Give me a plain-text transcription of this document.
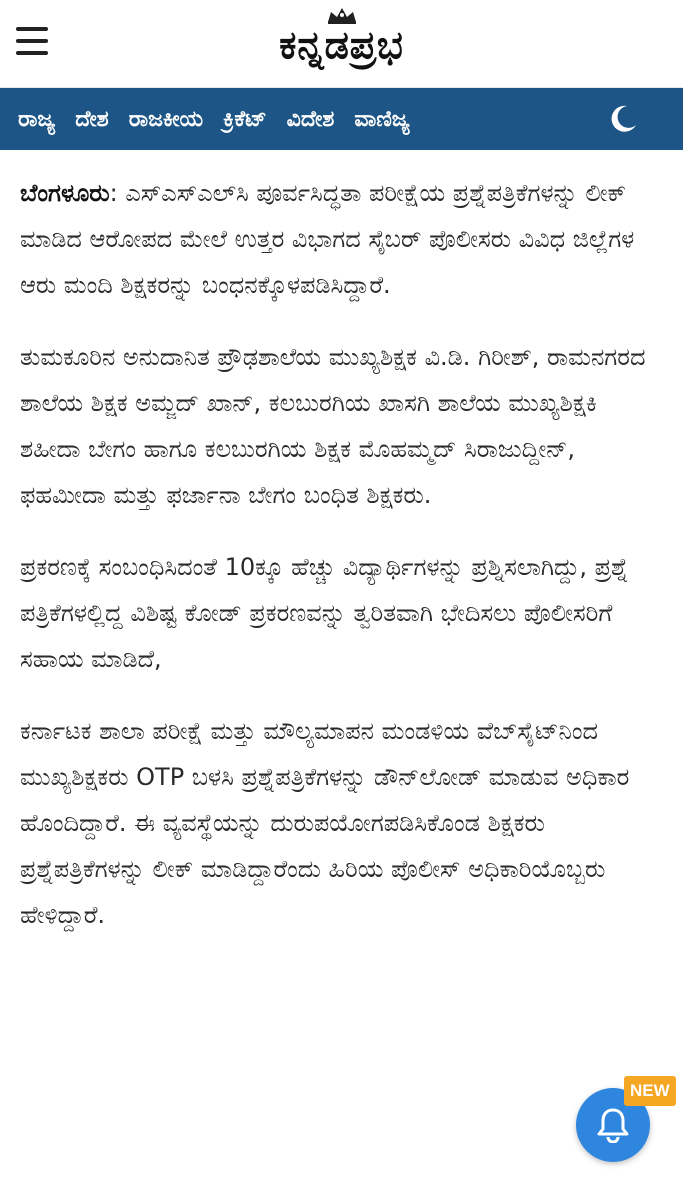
ಕನ್ನಡಪ್ರಭ
ರಾಜ್ಯ ದೇಶ ರಾಜಕೀಯ ಕ್ರಿಕೆಟ್ ವಿದೇಶ ವಾಣಿಜ್ಯ

ಬೆಂಗಳೂರು: ಎಸ್‌ಎಸ್‌ಎಲ್‌ಸಿ ಪೂರ್ವಸಿದ್ಧತಾ ಪರೀಕ್ಷೆಯ ಪ್ರಶ್ನೆಪತ್ರಿಕೆಗಳನ್ನು ಲೀಕ್ ಮಾಡಿದ ಆರೋಪದ ಮೇಲೆ ಉತ್ತರ ವಿಭಾಗದ ಸೈಬರ್ ಪೊಲೀಸರು ವಿವಿಧ ಜಿಲ್ಲೆಗಳ ಆರು ಮಂದಿ ಶಿಕ್ಷಕರನ್ನು ಬಂಧನಕ್ಕೊಳಪಡಿಸಿದ್ದಾರೆ.

ತುಮಕೂರಿನ ಅನುದಾನಿತ ಪ್ರೌಢಶಾಲೆಯ ಮುಖ್ಯಶಿಕ್ಷಕ ವಿ.ಡಿ. ಗಿರೀಶ್, ರಾಮನಗರದ ಶಾಲೆಯ ಶಿಕ್ಷಕ ಅಮ್ಜದ್ ಖಾನ್, ಕಲಬುರಗಿಯ ಖಾಸಗಿ ಶಾಲೆಯ ಮುಖ್ಯಶಿಕ್ಷಕಿ ಶಹೀದಾ ಬೇಗಂ ಹಾಗೂ ಕಲಬುರಗಿಯ ಶಿಕ್ಷಕ ಮೊಹಮ್ಮದ್ ಸಿರಾಜುದ್ದೀನ್, ಫಹಮೀದಾ ಮತ್ತು ಫರ್ಜಾನಾ ಬೇಗಂ ಬಂಧಿತ ಶಿಕ್ಷಕರು.

ಪ್ರಕರಣಕ್ಕೆ ಸಂಬಂಧಿಸಿದಂತೆ 10ಕ್ಕೂ ಹೆಚ್ಚು ವಿದ್ಯಾರ್ಥಿಗಳನ್ನು ಪ್ರಶ್ನಿಸಲಾಗಿದ್ದು, ಪ್ರಶ್ನೆ ಪತ್ರಿಕೆಗಳಲ್ಲಿದ್ದ ವಿಶಿಷ್ಟ ಕೋಡ್ ಪ್ರಕರಣವನ್ನು ತ್ವರಿತವಾಗಿ ಭೇದಿಸಲು ಪೊಲೀಸರಿಗೆ ಸಹಾಯ ಮಾಡಿದೆ,

ಕರ್ನಾಟಕ ಶಾಲಾ ಪರೀಕ್ಷೆ ಮತ್ತು ಮೌಲ್ಯಮಾಪನ ಮಂಡಳಿಯ ವೆಬ್‌ಸೈಟ್‌ನಿಂದ ಮುಖ್ಯಶಿಕ್ಷಕರು OTP ಬಳಸಿ ಪ್ರಶ್ನೆಪತ್ರಿಕೆಗಳನ್ನು ಡೌನ್‌ಲೋಡ್ ಮಾಡುವ ಅಧಿಕಾರ ಹೊಂದಿದ್ದಾರೆ. ಈ ವ್ಯವಸ್ಥೆಯನ್ನು ದುರುಪಯೋಗಪಡಿಸಿಕೊಂಡ ಶಿಕ್ಷಕರು ಪ್ರಶ್ನೆಪತ್ರಿಕೆಗಳನ್ನು ಲೀಕ್ ಮಾಡಿದ್ದಾರೆಂದು ಹಿರಿಯ ಪೊಲೀಸ್ ಅಧಿಕಾರಿಯೊಬ್ಬರು ಹೇಳಿದ್ದಾರೆ.

NEW
